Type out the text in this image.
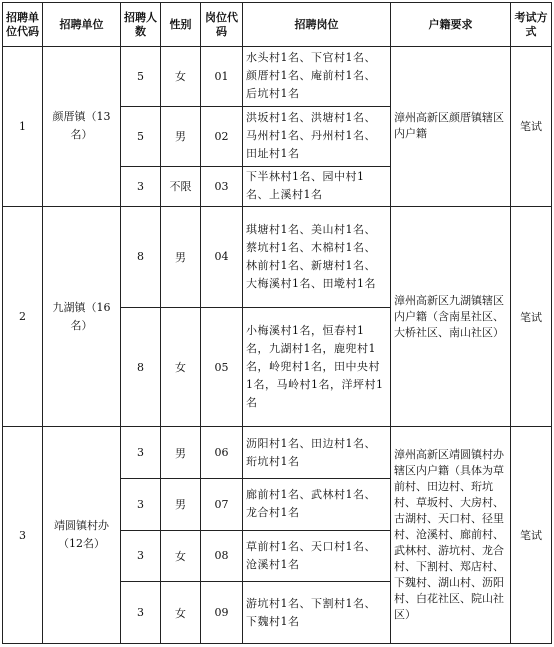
招聘单位代码	招聘单位	招聘人数	性别	岗位代码	招聘岗位	户籍要求	考试方式
1	颜厝镇（13名）	5	女	01	水头村1名、下官村1名、颜厝村1名、庵前村1名、后坑村1名	漳州高新区颜厝镇辖区内户籍	笔试
		5	男	02	洪坂村1名、洪塘村1名、马州村1名、丹州村1名、田址村1名		
		3	不限	03	下半林村1名、园中村1名、上溪村1名		
2	九湖镇（16名）	8	男	04	琪塘村1名、美山村1名、蔡坑村1名、木棉村1名、林前村1名、新塘村1名、大梅溪村1名、田墘村1名	漳州高新区九湖镇辖区内户籍（含南星社区、大桥社区、南山社区）	笔试
		8	女	05	小梅溪村1名，恒春村1名，九湖村1名，鹿兜村1名，岭兜村1名，田中央村1名，马岭村1名，洋坪村1名		
3	靖圆镇村办（12名）	3	男	06	沥阳村1名、田边村1名、珩坑村1名	漳州高新区靖圆镇村办辖区内户籍（具体为草前村、田边村、珩坑村、草坂村、大房村、古湖村、天口村、径里村、沧溪村、廊前村、武林村、游坑村、龙合村、下割村、郑店村、下魏村、湖山村、沥阳村、白花社区、院山社区）	笔试
		3	男	07	廊前村1名、武林村1名、龙合村1名		
		3	女	08	草前村1名、天口村1名、沧溪村1名		
		3	女	09	游坑村1名、下割村1名、下魏村1名		
